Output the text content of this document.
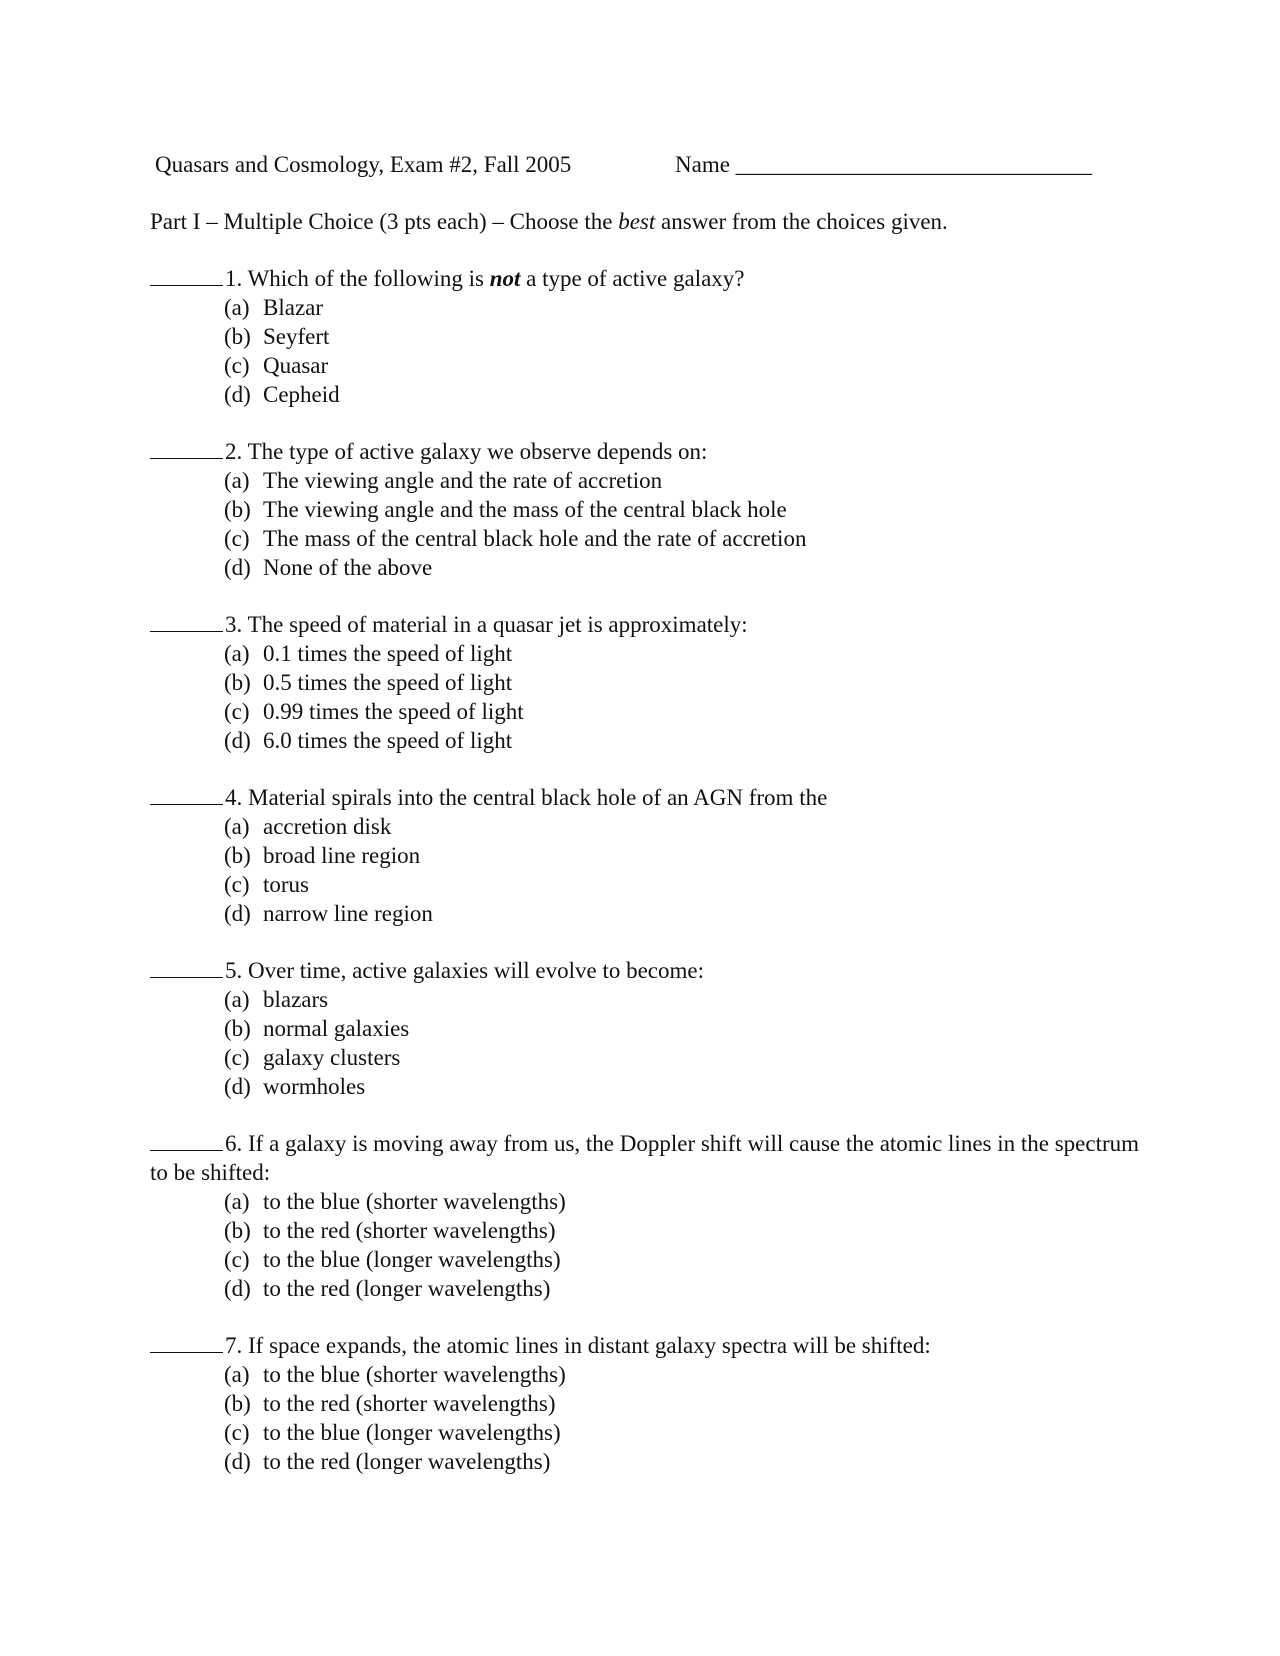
Quasars and Cosmology, Exam #2, Fall 2005	Name _______________________________
Part I – Multiple Choice (3 pts each) – Choose the best answer from the choices given.
1. Which of the following is not a type of active galaxy?
(a) Blazar
(b) Seyfert
(c) Quasar
(d) Cepheid
2. The type of active galaxy we observe depends on:
(a) The viewing angle and the rate of accretion
(b) The viewing angle and the mass of the central black hole
(c) The mass of the central black hole and the rate of accretion
(d) None of the above
3. The speed of material in a quasar jet is approximately:
(a) 0.1 times the speed of light
(b) 0.5 times the speed of light
(c) 0.99 times the speed of light
(d) 6.0 times the speed of light
4. Material spirals into the central black hole of an AGN from the
(a) accretion disk
(b) broad line region
(c) torus
(d) narrow line region
5. Over time, active galaxies will evolve to become:
(a) blazars
(b) normal galaxies
(c) galaxy clusters
(d) wormholes
6. If a galaxy is moving away from us, the Doppler shift will cause the atomic lines in the spectrum to be shifted:
(a) to the blue (shorter wavelengths)
(b) to the red (shorter wavelengths)
(c) to the blue (longer wavelengths)
(d) to the red (longer wavelengths)
7. If space expands, the atomic lines in distant galaxy spectra will be shifted:
(a) to the blue (shorter wavelengths)
(b) to the red (shorter wavelengths)
(c) to the blue (longer wavelengths)
(d) to the red (longer wavelengths)
